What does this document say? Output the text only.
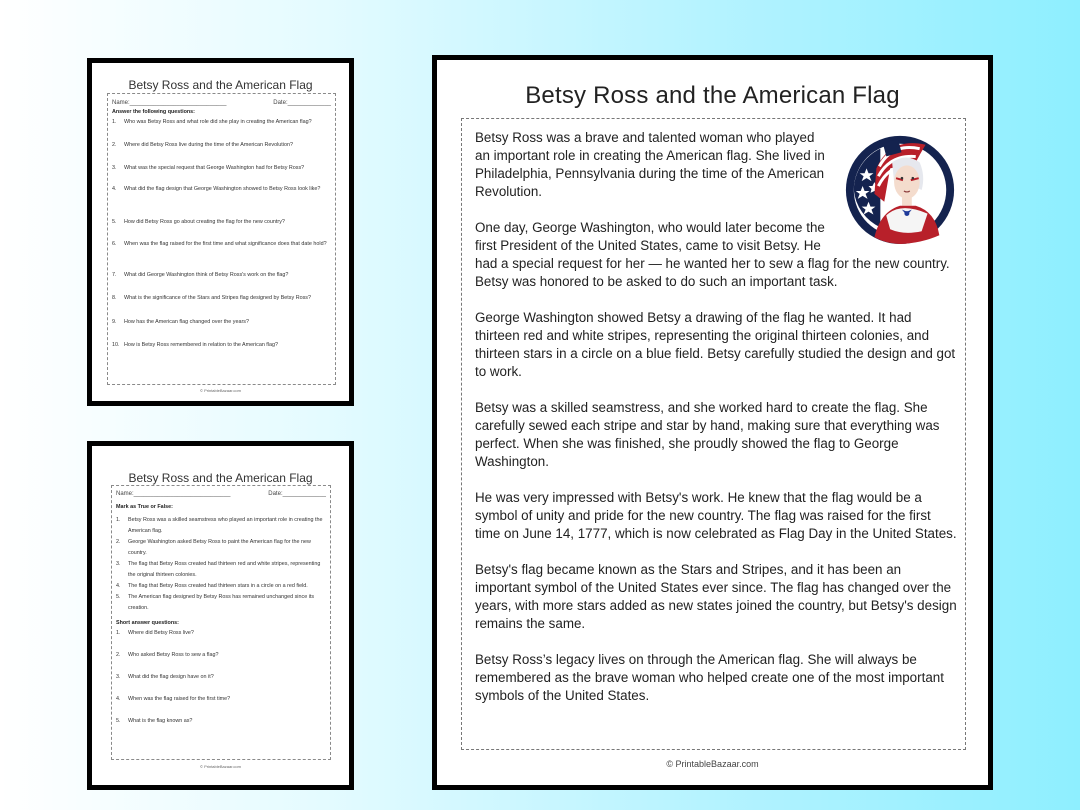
Betsy Ross and the American Flag
Name:_____________________________	Date:_____________
Answer the following questions:
1.	Who was Betsy Ross and what role did she play in creating the American flag?
2.	Where did Betsy Ross live during the time of the American Revolution?
3.	What was the special request that George Washington had for Betsy Ross?
4.	What did the flag design that George Washington showed to Betsy Ross look like?
5.	How did Betsy Ross go about creating the flag for the new country?
6.	When was the flag raised for the first time and what significance does that date hold?
7.	What did George Washington think of Betsy Ross's work on the flag?
8.	What is the significance of the Stars and Stripes flag designed by Betsy Ross?
9.	How has the American flag changed over the years?
10. How is Betsy Ross remembered in relation to the American flag?
© PrintableBazaar.com
Betsy Ross and the American Flag
Name:_____________________________	Date:_____________
Mark as True or False:
1.	Betsy Ross was a skilled seamstress who played an important role in creating the American flag.
2.	George Washington asked Betsy Ross to paint the American flag for the new country.
3.	The flag that Betsy Ross created had thirteen red and white stripes, representing the original thirteen colonies.
4.	The flag that Betsy Ross created had thirteen stars in a circle on a red field.
5.	The American flag designed by Betsy Ross has remained unchanged since its creation.
Short answer questions:
1.	Where did Betsy Ross live?
2.	Who asked Betsy Ross to sew a flag?
3.	What did the flag design have on it?
4.	When was the flag raised for the first time?
5.	What is the flag known as?
© PrintableBazaar.com
Betsy Ross and the American Flag

Betsy Ross was a brave and talented woman who played an important role in creating the American flag. She lived in Philadelphia, Pennsylvania during the time of the American Revolution.

One day, George Washington, who would later become the first President of the United States, came to visit Betsy. He had a special request for her — he wanted her to sew a flag for the new country. Betsy was honored to be asked to do such an important task.

George Washington showed Betsy a drawing of the flag he wanted. It had thirteen red and white stripes, representing the original thirteen colonies, and thirteen stars in a circle on a blue field. Betsy carefully studied the design and got to work.

Betsy was a skilled seamstress, and she worked hard to create the flag. She carefully sewed each stripe and star by hand, making sure that everything was perfect. When she was finished, she proudly showed the flag to George Washington.

He was very impressed with Betsy's work. He knew that the flag would be a symbol of unity and pride for the new country. The flag was raised for the first time on June 14, 1777, which is now celebrated as Flag Day in the United States.

Betsy's flag became known as the Stars and Stripes, and it has been an important symbol of the United States ever since. The flag has changed over the years, with more stars added as new states joined the country, but Betsy's design remains the same.

Betsy Ross’s legacy lives on through the American flag. She will always be remembered as the brave woman who helped create one of the most important symbols of the United States.

© PrintableBazaar.com
